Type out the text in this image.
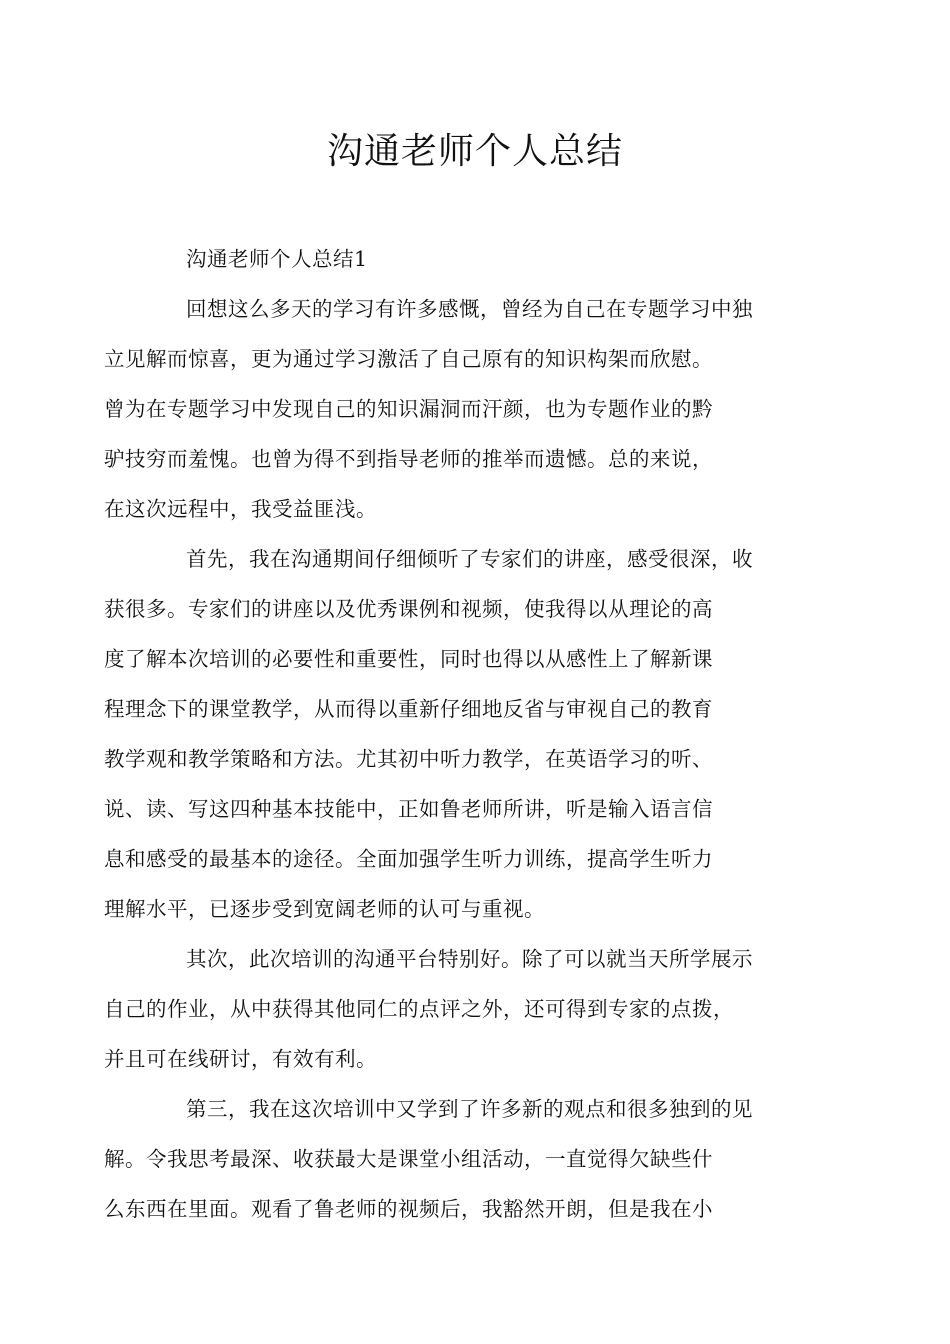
沟通老师个人总结

沟通老师个人总结1

回想这么多天的学习有许多感慨，曾经为自己在专题学习中独
立见解而惊喜，更为通过学习激活了自己原有的知识构架而欣慰。
曾为在专题学习中发现自己的知识漏洞而汗颜，也为专题作业的黔
驴技穷而羞愧。也曾为得不到指导老师的推举而遗憾。总的来说，
在这次远程中，我受益匪浅。

首先，我在沟通期间仔细倾听了专家们的讲座，感受很深，收
获很多。专家们的讲座以及优秀课例和视频，使我得以从理论的高
度了解本次培训的必要性和重要性，同时也得以从感性上了解新课
程理念下的课堂教学，从而得以重新仔细地反省与审视自己的教育
教学观和教学策略和方法。尤其初中听力教学，在英语学习的听、
说、读、写这四种基本技能中，正如鲁老师所讲，听是输入语言信
息和感受的最基本的途径。全面加强学生听力训练，提高学生听力
理解水平，已逐步受到宽阔老师的认可与重视。

其次，此次培训的沟通平台特别好。除了可以就当天所学展示
自己的作业，从中获得其他同仁的点评之外，还可得到专家的点拨，
并且可在线研讨，有效有利。

第三，我在这次培训中又学到了许多新的观点和很多独到的见
解。令我思考最深、收获最大是课堂小组活动，一直觉得欠缺些什
么东西在里面。观看了鲁老师的视频后，我豁然开朗，但是我在小
